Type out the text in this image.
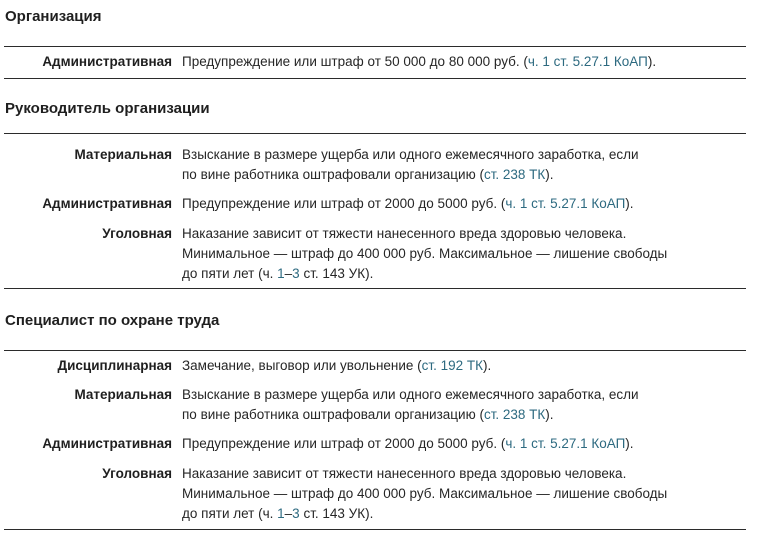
Организация
Административная Предупреждение или штраф от 50 000 до 80 000 руб. (ч. 1 ст. 5.27.1 КоАП).
Руководитель организации
Материальная Взыскание в размере ущерба или одного ежемесячного заработка, если
по вине работника оштрафовали организацию (ст. 238 ТК).
Административная Предупреждение или штраф от 2000 до 5000 руб. (ч. 1 ст. 5.27.1 КоАП).
Уголовная Наказание зависит от тяжести нанесенного вреда здоровью человека.
Минимальное — штраф до 400 000 руб. Максимальное — лишение свободы
до пяти лет (ч. 1–3 ст. 143 УК).
Специалист по охране труда
Дисциплинарная Замечание, выговор или увольнение (ст. 192 ТК).
Материальная Взыскание в размере ущерба или одного ежемесячного заработка, если
по вине работника оштрафовали организацию (ст. 238 ТК).
Административная Предупреждение или штраф от 2000 до 5000 руб. (ч. 1 ст. 5.27.1 КоАП).
Уголовная Наказание зависит от тяжести нанесенного вреда здоровью человека.
Минимальное — штраф до 400 000 руб. Максимальное — лишение свободы
до пяти лет (ч. 1–3 ст. 143 УК).
